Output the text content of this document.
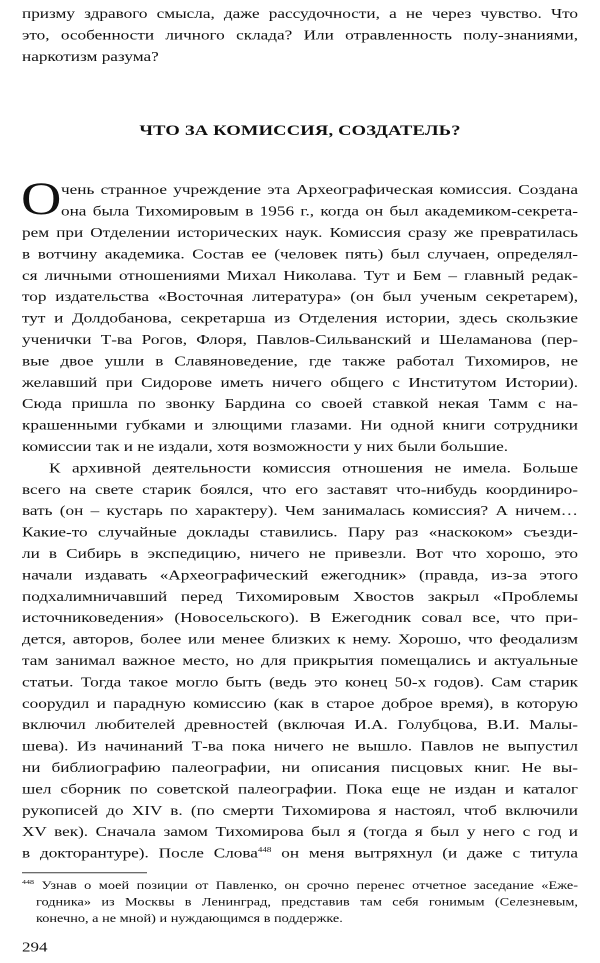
призму здравого смысла, даже рассудочности, а не через чувство. Что
это, особенности личного склада? Или отравленность полу-знаниями,
наркотизм разума?
ЧТО ЗА КОМИССИЯ, СОЗДАТЕЛЬ?
О чень странное учреждение эта Археографическая комиссия. Создана
она была Тихомировым в 1956 г., когда он был академиком-секрета-
рем при Отделении исторических наук. Комиссия сразу же превратилась
в вотчину академика. Состав ее (человек пять) был случаен, определял-
ся личными отношениями Михал Николава. Тут и Бем – главный редак-
тор издательства «Восточная литература» (он был ученым секретарем),
тут и Долдобанова, секретарша из Отделения истории, здесь скользкие
ученички Т-ва Рогов, Флоря, Павлов-Сильванский и Шеламанова (пер-
вые двое ушли в Славяноведение, где также работал Тихомиров, не
желавший при Сидорове иметь ничего общего с Институтом Истории).
Сюда пришла по звонку Бардина со своей ставкой некая Тамм с на-
крашенными губками и злющими глазами. Ни одной книги сотрудники
комиссии так и не издали, хотя возможности у них были большие.
К архивной деятельности комиссия отношения не имела. Больше
всего на свете старик боялся, что его заставят что-нибудь координиро-
вать (он – кустарь по характеру). Чем занималась комиссия? А ничем…
Какие-то случайные доклады ставились. Пару раз «наскоком» съезди-
ли в Сибирь в экспедицию, ничего не привезли. Вот что хорошо, это
начали издавать «Археографический ежегодник» (правда, из-за этого
подхалимничавший перед Тихомировым Хвостов закрыл «Проблемы
источниковедения» (Новосельского). В Ежегодник совал все, что при-
дется, авторов, более или менее близких к нему. Хорошо, что феодализм
там занимал важное место, но для прикрытия помещались и актуальные
статьи. Тогда такое могло быть (ведь это конец 50-х годов). Сам старик
соорудил и парадную комиссию (как в старое доброе время), в которую
включил любителей древностей (включая И.А. Голубцова, В.И. Малы-
шева). Из начинаний Т-ва пока ничего не вышло. Павлов не выпустил
ни библиографию палеографии, ни описания писцовых книг. Не вы-
шел сборник по советской палеографии. Пока еще не издан и каталог
рукописей до XIV в. (по смерти Тихомирова я настоял, чтоб включили
XV век). Сначала замом Тихомирова был я (тогда я был у него с год и
в докторантуре). После Слова$^{448}$ он меня вытряхнул (и даже с титула
$^{448}$ Узнав о моей позиции от Павленко, он срочно перенес отчетное заседание «Еже-
годника» из Москвы в Ленинград, представив там себя гонимым (Селезневым,
конечно, а не мной) и нуждающимся в поддержке.
294
